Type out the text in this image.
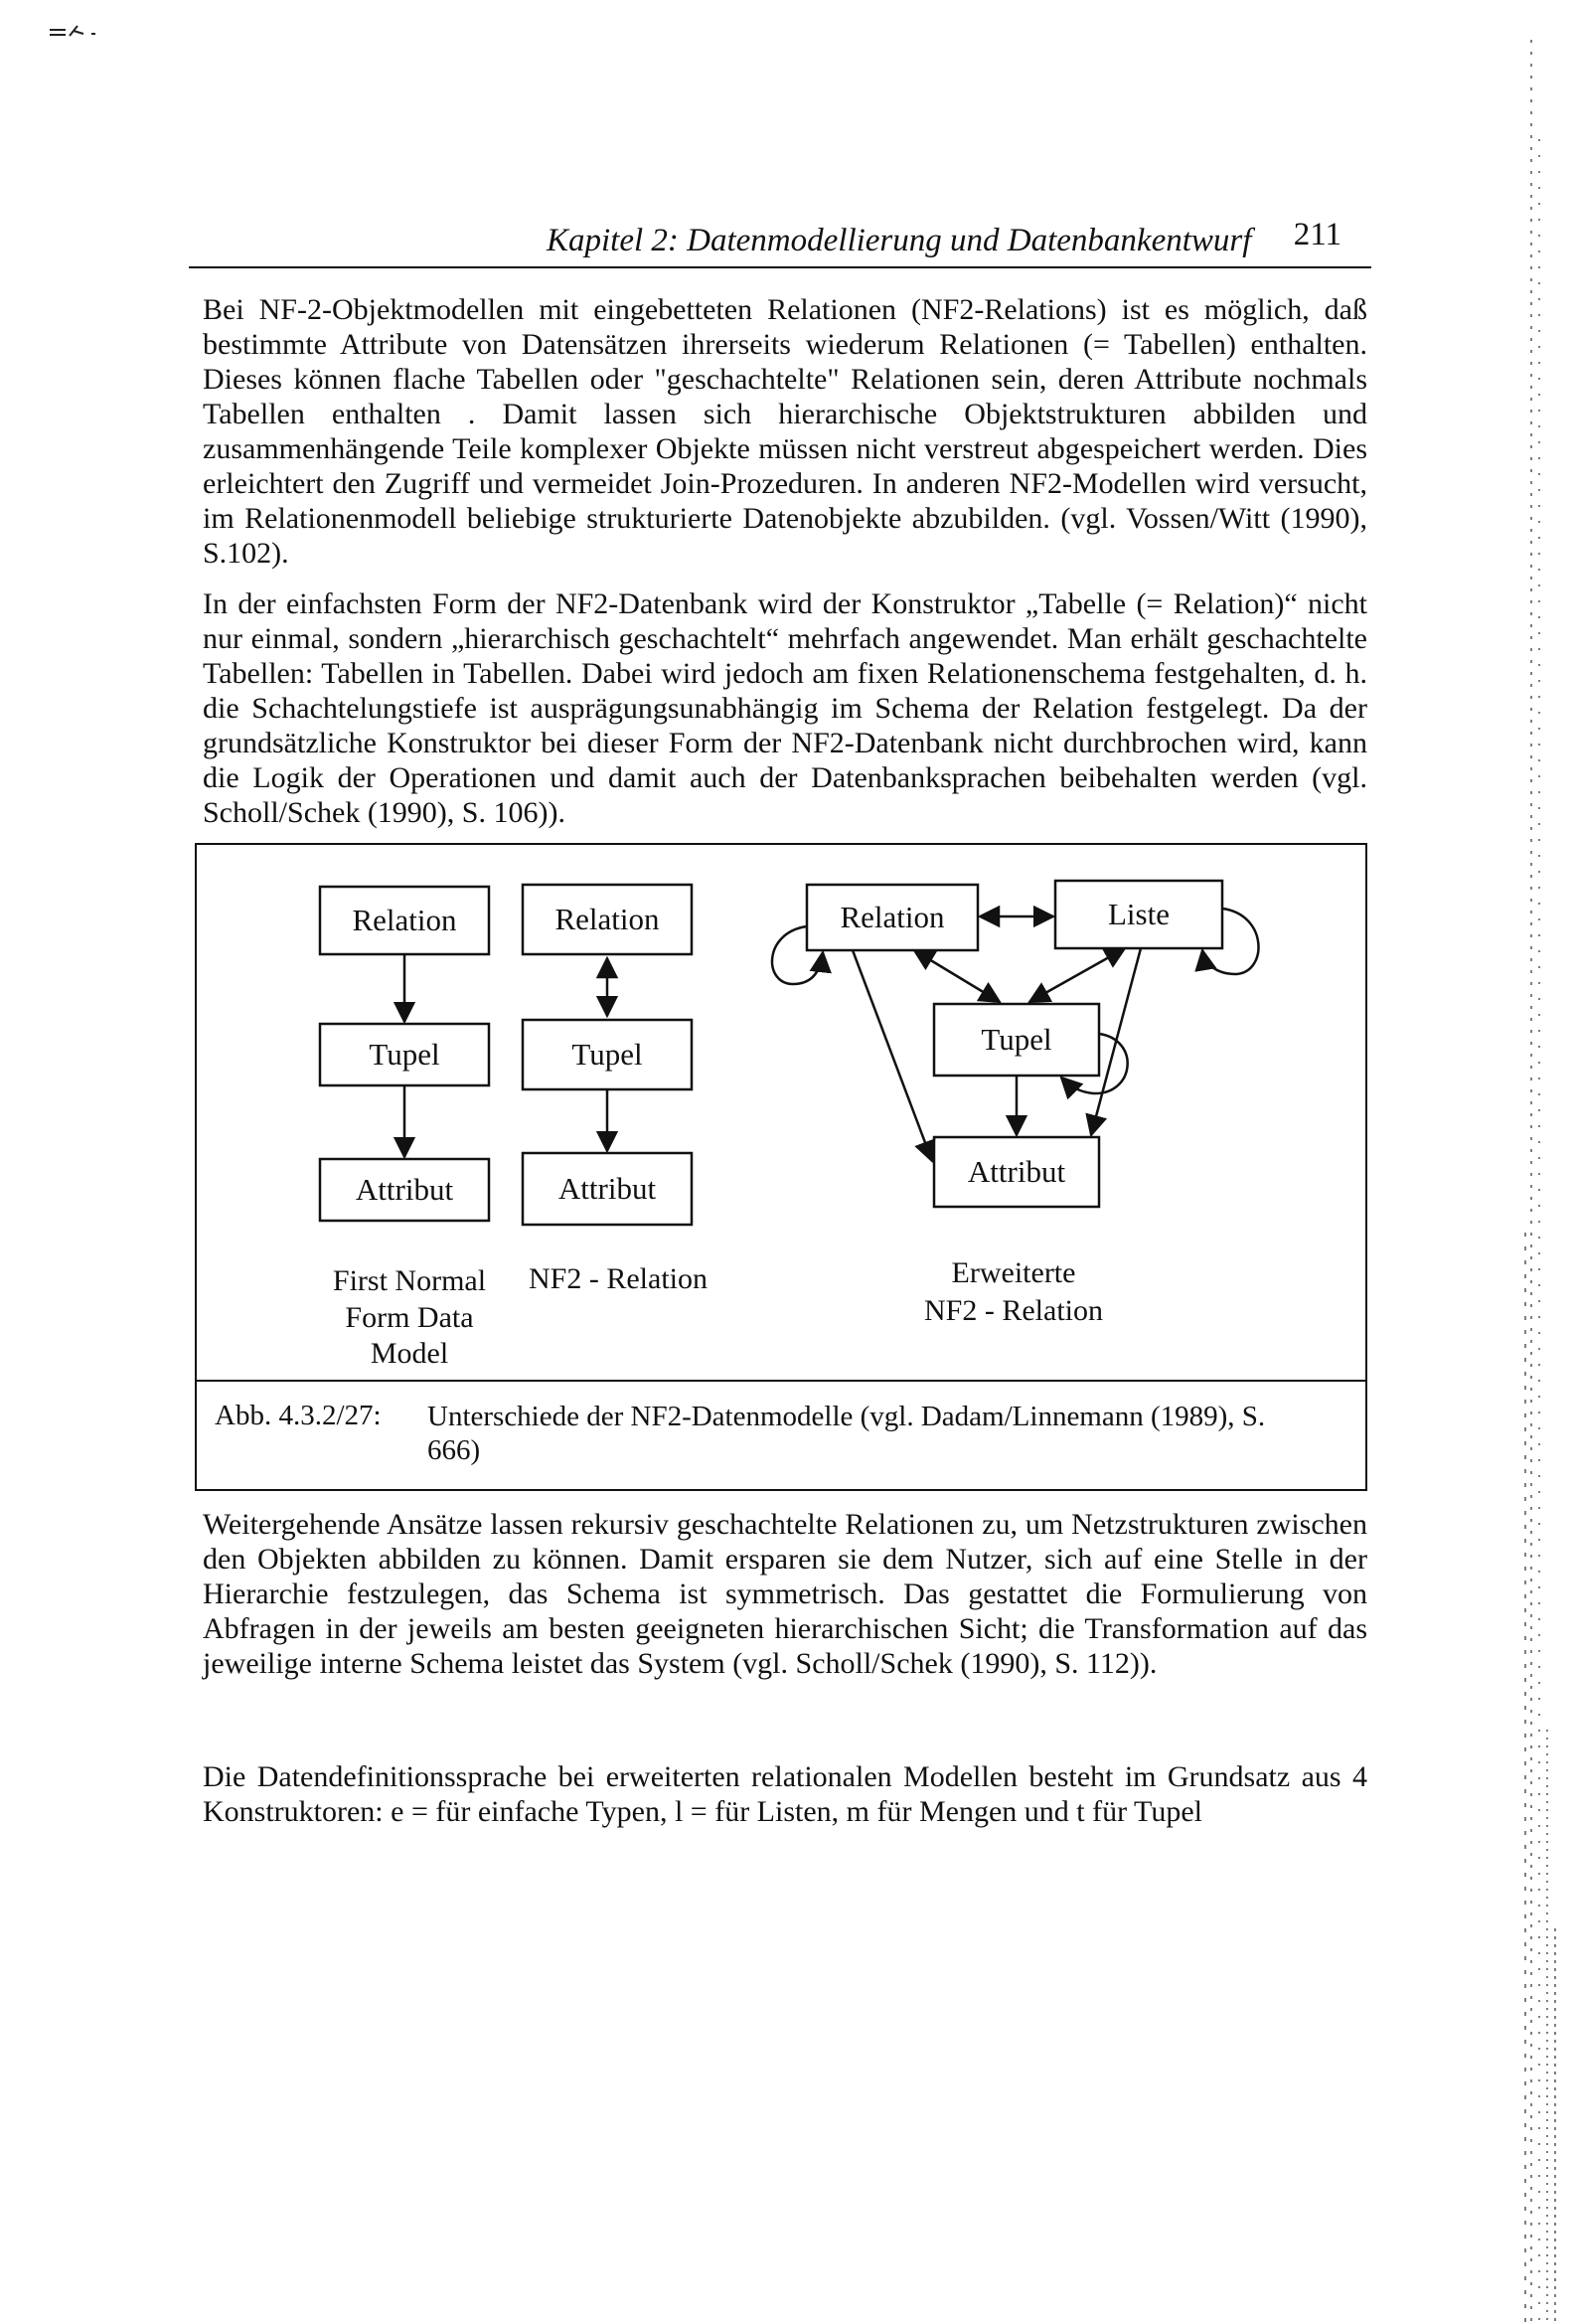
Kapitel 2: Datenmodellierung und Datenbankentwurf 211

Bei NF-2-Objektmodellen mit eingebetteten Relationen (NF2-Relations) ist es möglich, daß bestimmte Attribute von Datensätzen ihrerseits wiederum Relationen (= Tabellen) enthalten. Dieses können flache Tabellen oder "geschachtelte" Relationen sein, deren Attribute nochmals Tabellen enthalten . Damit lassen sich hierarchische Objektstrukturen abbilden und zusammenhängende Teile komplexer Objekte müssen nicht verstreut abgespeichert werden. Dies erleichtert den Zugriff und vermeidet Join-Prozeduren. In anderen NF2-Modellen wird versucht, im Relationenmodell beliebige strukturierte Datenobjekte abzubilden. (vgl. Vossen/Witt (1990), S.102).

In der einfachsten Form der NF2-Datenbank wird der Konstruktor „Tabelle (= Relation)“ nicht nur einmal, sondern „hierarchisch geschachtelt“ mehrfach angewendet. Man erhält geschachtelte Tabellen: Tabellen in Tabellen. Dabei wird jedoch am fixen Relationenschema festgehalten, d. h. die Schachtelungstiefe ist ausprägungsunabhängig im Schema der Relation festgelegt. Da der grundsätzliche Konstruktor bei dieser Form der NF2-Datenbank nicht durchbrochen wird, kann die Logik der Operationen und damit auch der Datenbanksprachen beibehalten werden (vgl. Scholl/Schek (1990), S. 106)).

Relation
Tupel
Attribut
Relation
Tupel
Attribut
Relation	Liste
Tupel
Attribut
First Normal
Form Data
Model
NF2 - Relation	Erweiterte
NF2 - Relation
Abb. 4.3.2/27: Unterschiede der NF2-Datenmodelle (vgl. Dadam/Linnemann (1989), S. 666)

Weitergehende Ansätze lassen rekursiv geschachtelte Relationen zu, um Netzstrukturen zwischen den Objekten abbilden zu können. Damit ersparen sie dem Nutzer, sich auf eine Stelle in der Hierarchie festzulegen, das Schema ist symmetrisch. Das gestattet die Formulierung von Abfragen in der jeweils am besten geeigneten hierarchischen Sicht; die Transformation auf das jeweilige interne Schema leistet das System (vgl. Scholl/Schek (1990), S. 112)).

Die Datendefinitionssprache bei erweiterten relationalen Modellen besteht im Grundsatz aus 4 Konstruktoren: e = für einfache Typen, l = für Listen, m für Mengen und t für Tupel
